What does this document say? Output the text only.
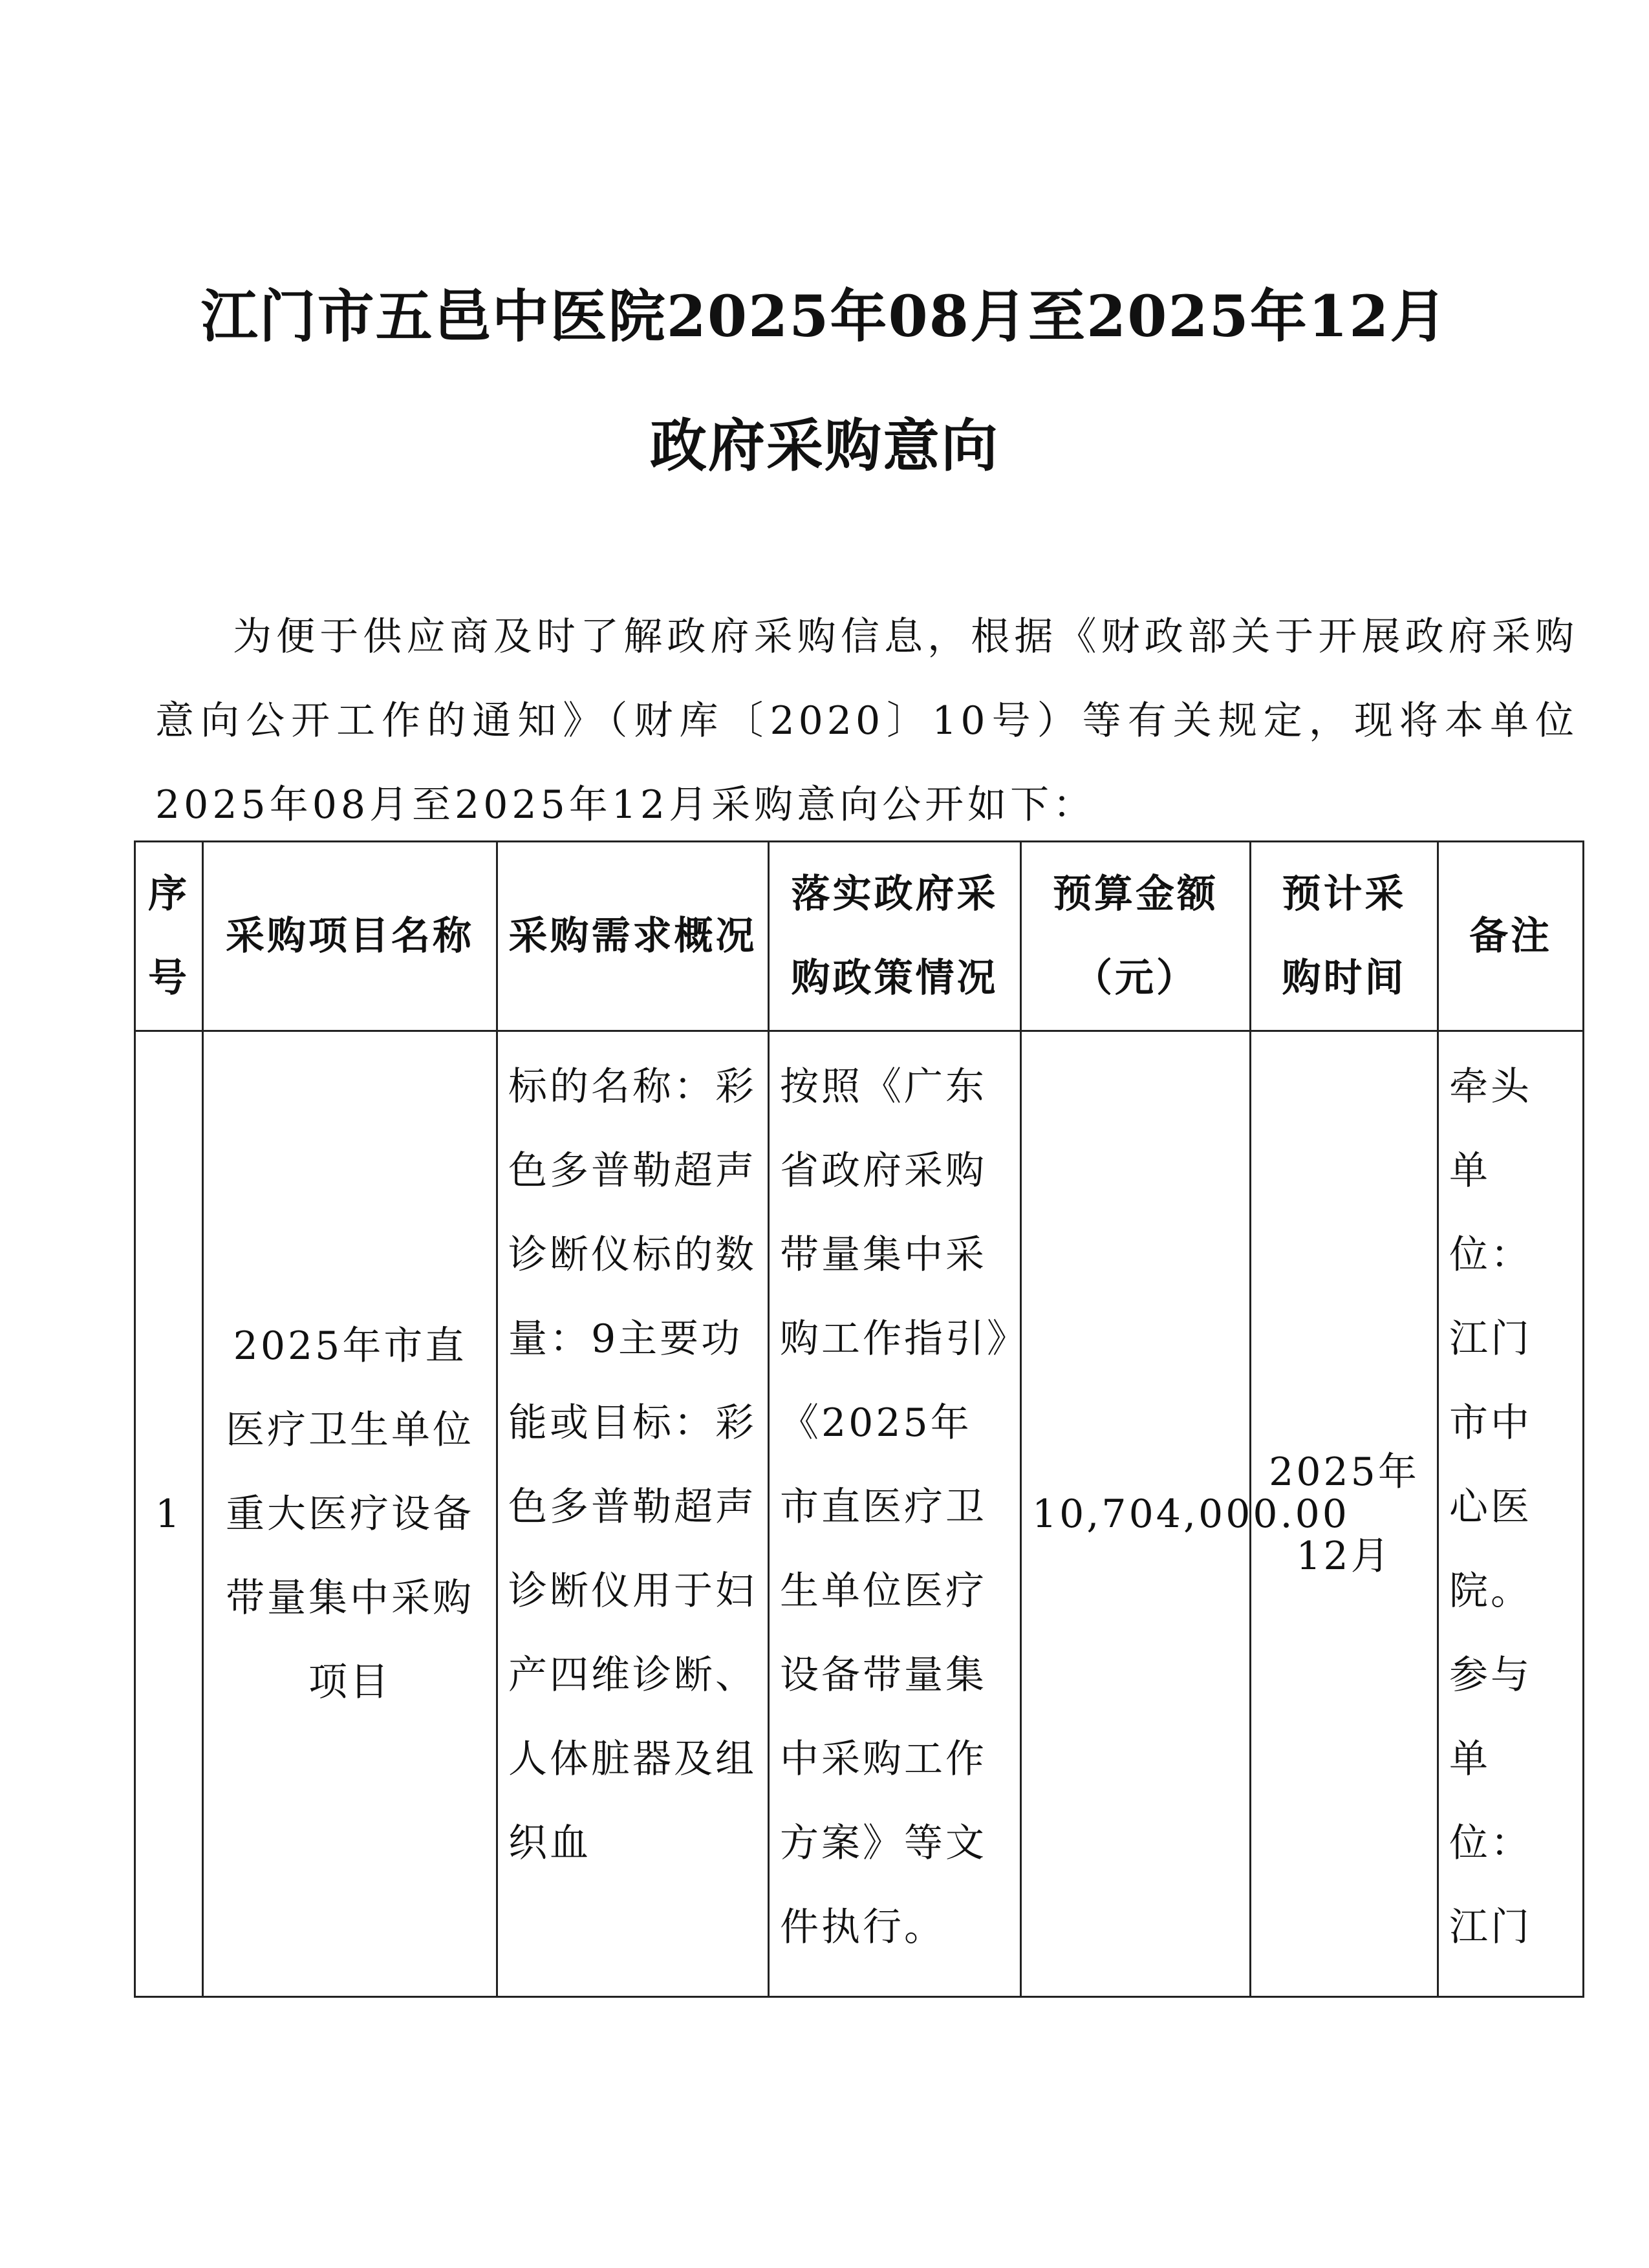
江门市五邑中医院2025年08月至2025年12月
政府采购意向
为便于供应商及时了解政府采购信息，根据《财政部关于开展政府采购意向公开工作的通知》（财库〔2020〕10号）等有关规定，现将本单位2025年08月至2025年12月采购意向公开如下：
序号	采购项目名称	采购需求概况	落实政府采购政策情况	预算金额（元）	预计采购时间	备注
1	2025年市直医疗卫生单位重大医疗设备带量集中采购项目	标的名称：彩色多普勒超声诊断仪标的数量：9主要功能或目标：彩色多普勒超声诊断仪用于妇产四维诊断、人体脏器及组织血	按照《广东省政府采购带量集中采购工作指引》《2025年市直医疗卫生单位医疗设备带量集中采购工作方案》等文件执行。	10,704,000.00	2025年12月	牵头单位：江门市中心医院。参与单位：江门
